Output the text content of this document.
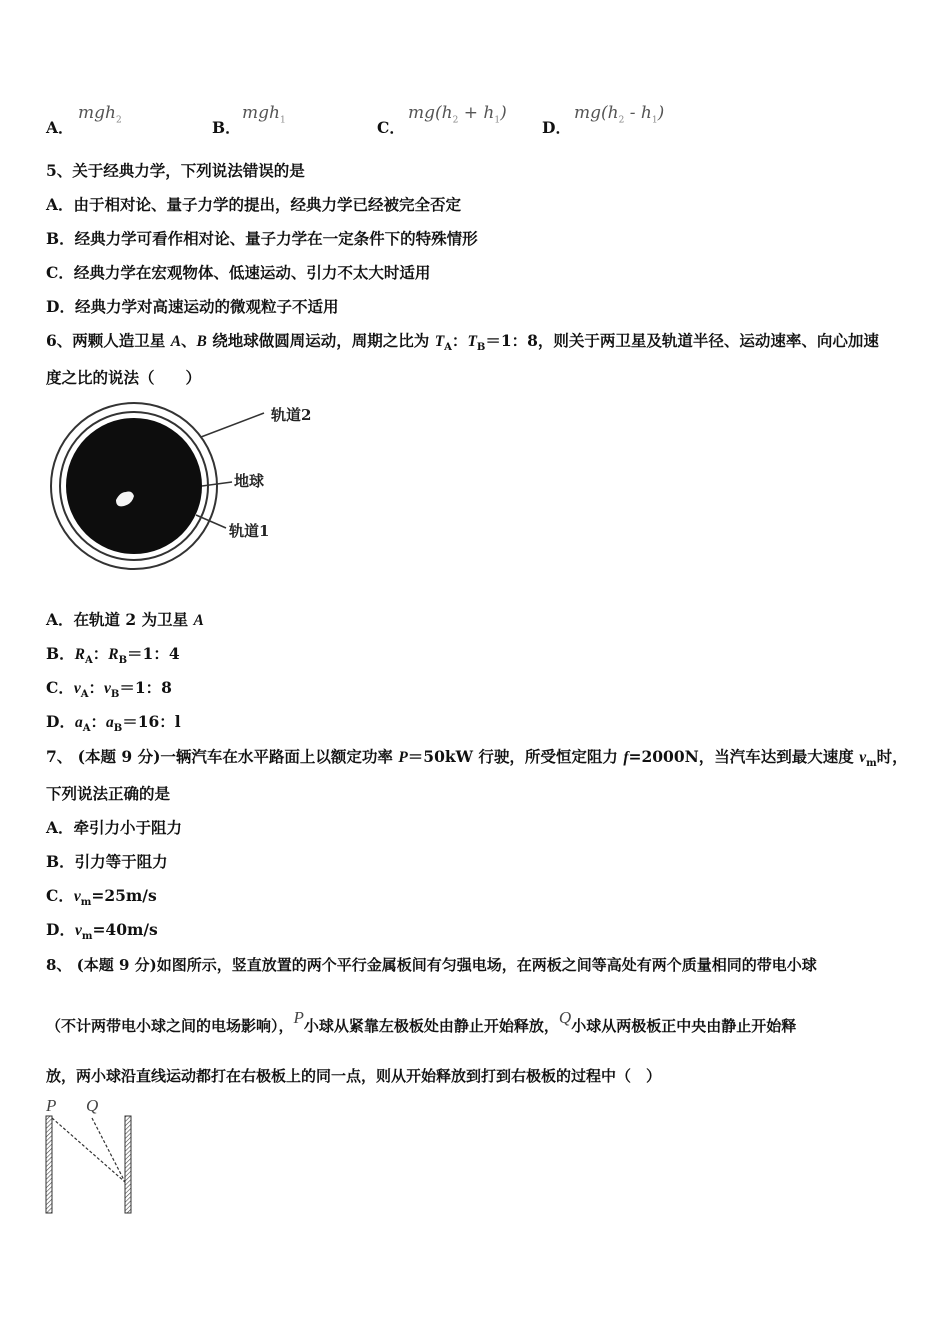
A．
mgh$_2$	B．
mgh$_1$	C．
$mg(h_2 + h_1)$
D．
$mg(h_2 - h_1)$
5、关于经典力学，下列说法错误的是
A．由于相对论、量子力学的提出，经典力学已经被完全否定
B．经典力学可看作相对论、量子力学在一定条件下的特殊情形
C．经典力学在宏观物体、低速运动、引力不太大时适用
D．经典力学对高速运动的微观粒子不适用
6、两颗人造卫星 A、B 绕地球做圆周运动，周期之比为 $T_A$：$T_B=1$：8，则关于两卫星及轨道半径、运动速率、向心加速
度之比的说法（　　）
轨道2
地球
轨道1
A．在轨道 2 为卫星 A
B．$R_A$：$R_B=1$：4
C．$v_A$：$v_B=1$：8
D．$a_A$：$a_B=16$：l
7、 (本题 9 分)一辆汽车在水平路面上以额定功率 P＝50kW 行驶，所受恒定阻力 f=2000N，当汽车达到最大速度 $v_m$时，
下列说法正确的是
A．牵引力小于阻力
B．引力等于阻力
C．$v_m=25m/s$
D．$v_m=40m/s$
8、 (本题 9 分)如图所示，竖直放置的两个平行金属板间有匀强电场，在两板之间等高处有两个质量相同的带电小球
（不计两带电小球之间的电场影响），P小球从紧靠左极板处由静止开始释放，Q小球从两极板正中央由静止开始释
放，两小球沿直线运动都打在右极板上的同一点，则从开始释放到打到右极板的过程中（　）
P Q
